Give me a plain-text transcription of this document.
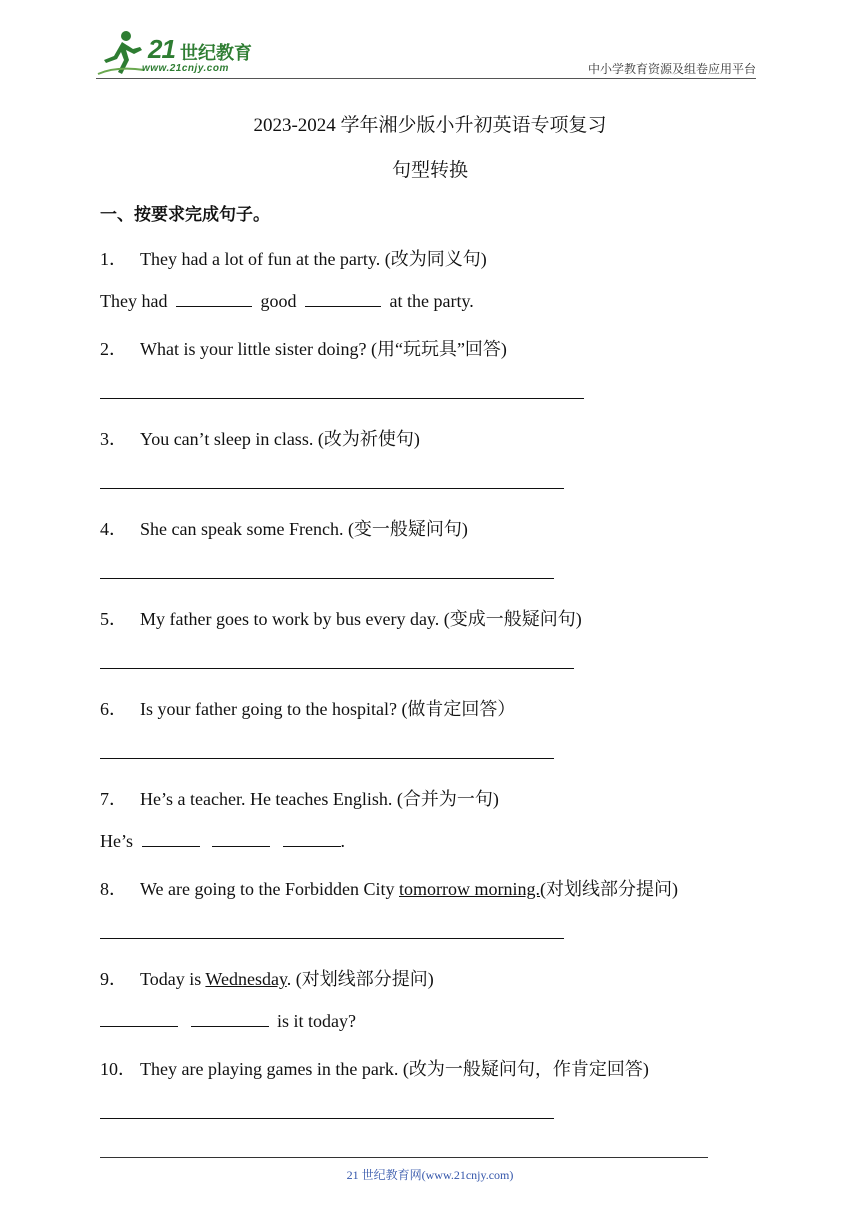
21 世纪教育
www.21cnjy.com	中小学教育资源及组卷应用平台
2023-2024 学年湘少版小升初英语专项复习
句型转换
一、按要求完成句子。
1． They had a lot of fun at the party. (改为同义句)
They had	good	at the party.
2． What is your little sister doing? (用“玩玩具”回答)
3． You can’t sleep in class. (改为祈使句)
4． She can speak some French. (变一般疑问句)
5． My father goes to work by bus every day. (变成一般疑问句)
6． Is your father going to the hospital? (做肯定回答）
7． He’s a teacher. He teaches English. (合并为一句)
He’s	.
8． We are going to the Forbidden City tomorrow morning.(对划线部分提问)
9． Today is Wednesday. (对划线部分提问)
is it today?
10． They are playing games in the park. (改为一般疑问句，作肯定回答)
21 世纪教育网(www.21cnjy.com)
